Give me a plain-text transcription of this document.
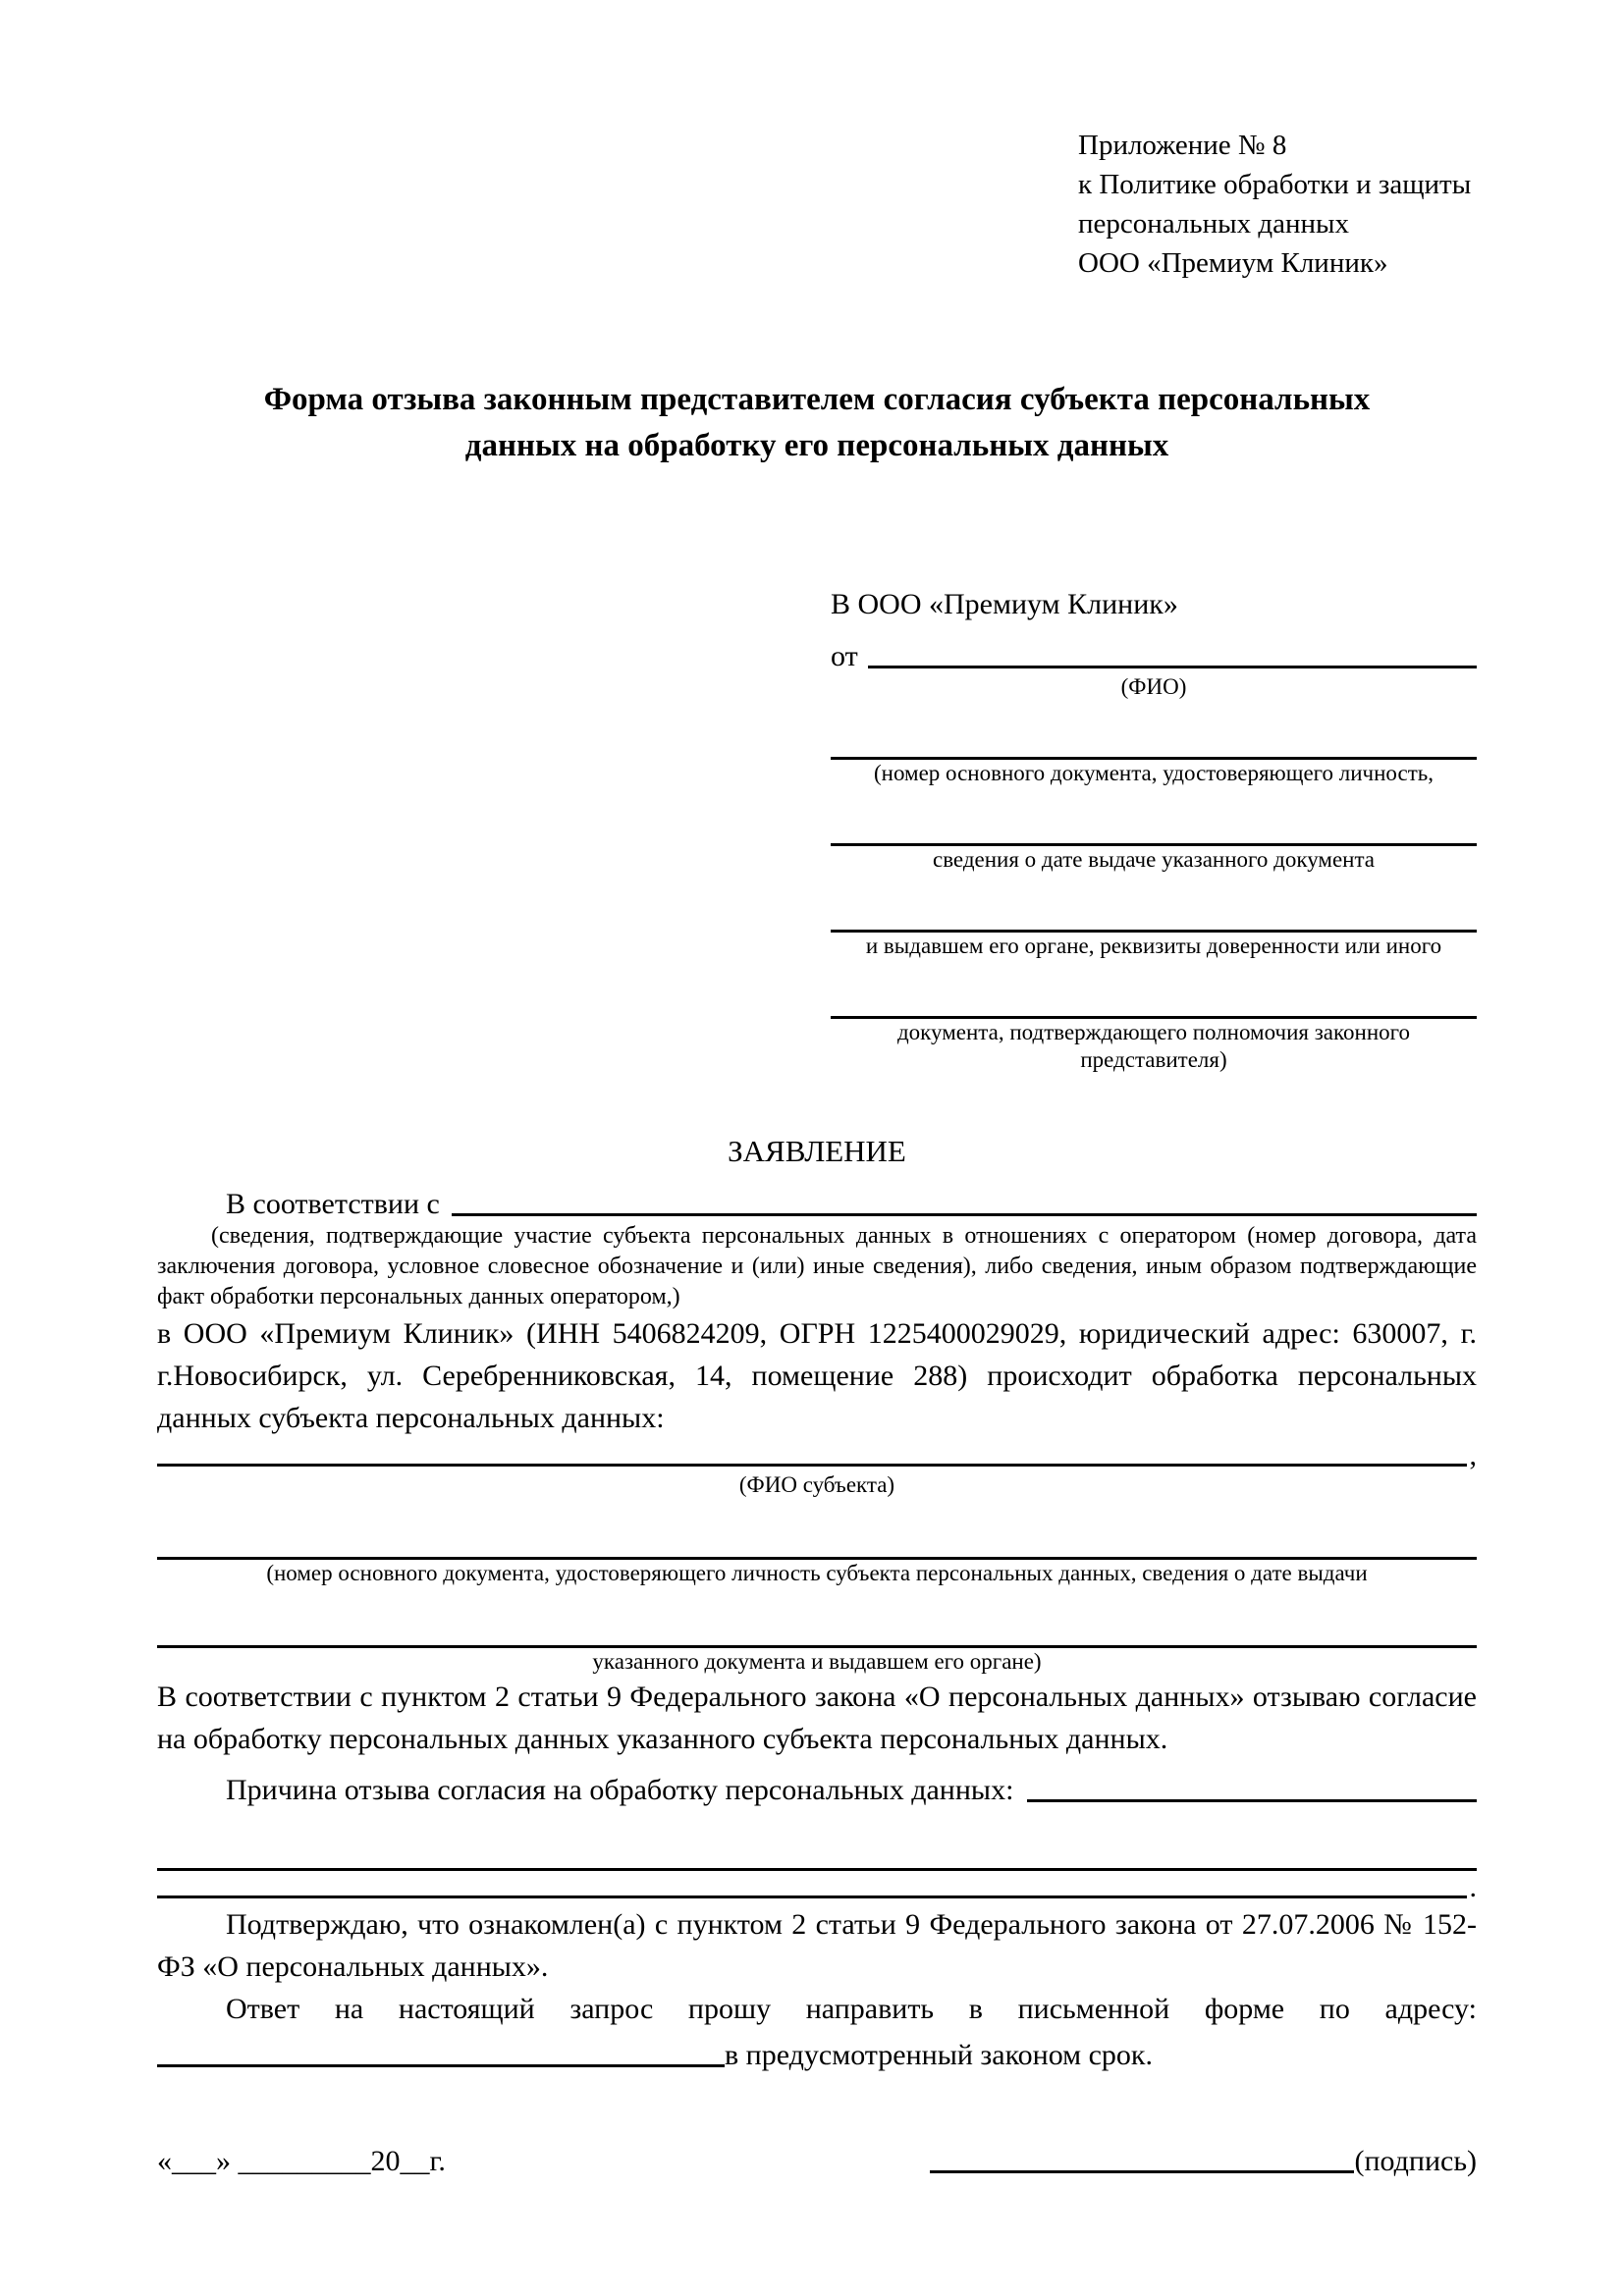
Приложение № 8
к Политике обработки и защиты
персональных данных
ООО «Премиум Клиник»
Форма отзыва законным представителем согласия субъекта персональных данных на обработку его персональных данных
В ООО «Премиум Клиник»
от
(ФИО)
(номер основного документа, удостоверяющего личность,
сведения о дате выдаче указанного документа
и выдавшем его органе, реквизиты доверенности или иного
документа, подтверждающего полномочия законного представителя)
ЗАЯВЛЕНИЕ
В соответствии с
(сведения, подтверждающие участие субъекта персональных данных в отношениях с оператором (номер договора, дата заключения договора, условное словесное обозначение и (или) иные сведения), либо сведения, иным образом подтверждающие факт обработки персональных данных оператором,)

в ООО «Премиум Клиник» (ИНН 5406824209, ОГРН 1225400029029, юридический адрес: 630007, г. г.Новосибирск, ул. Серебренниковская, 14, помещение 288) происходит обработка персональных данных субъекта персональных данных:

,
(ФИО субъекта)
(номер основного документа, удостоверяющего личность субъекта персональных данных, сведения о дате выдачи
указанного документа и выдавшем его органе)

В соответствии с пунктом 2 статьи 9 Федерального закона «О персональных данных» отзываю согласие на обработку персональных данных указанного субъекта персональных данных.

Причина отзыва согласия на обработку персональных данных:
.

Подтверждаю, что ознакомлен(а) с пунктом 2 статьи 9 Федерального закона от 27.07.2006 № 152-ФЗ «О персональных данных».

Ответ на настоящий запрос прошу направить в письменной форме по адресу:
в предусмотренный законом срок.
«___» _________20__г.	(подпись)
